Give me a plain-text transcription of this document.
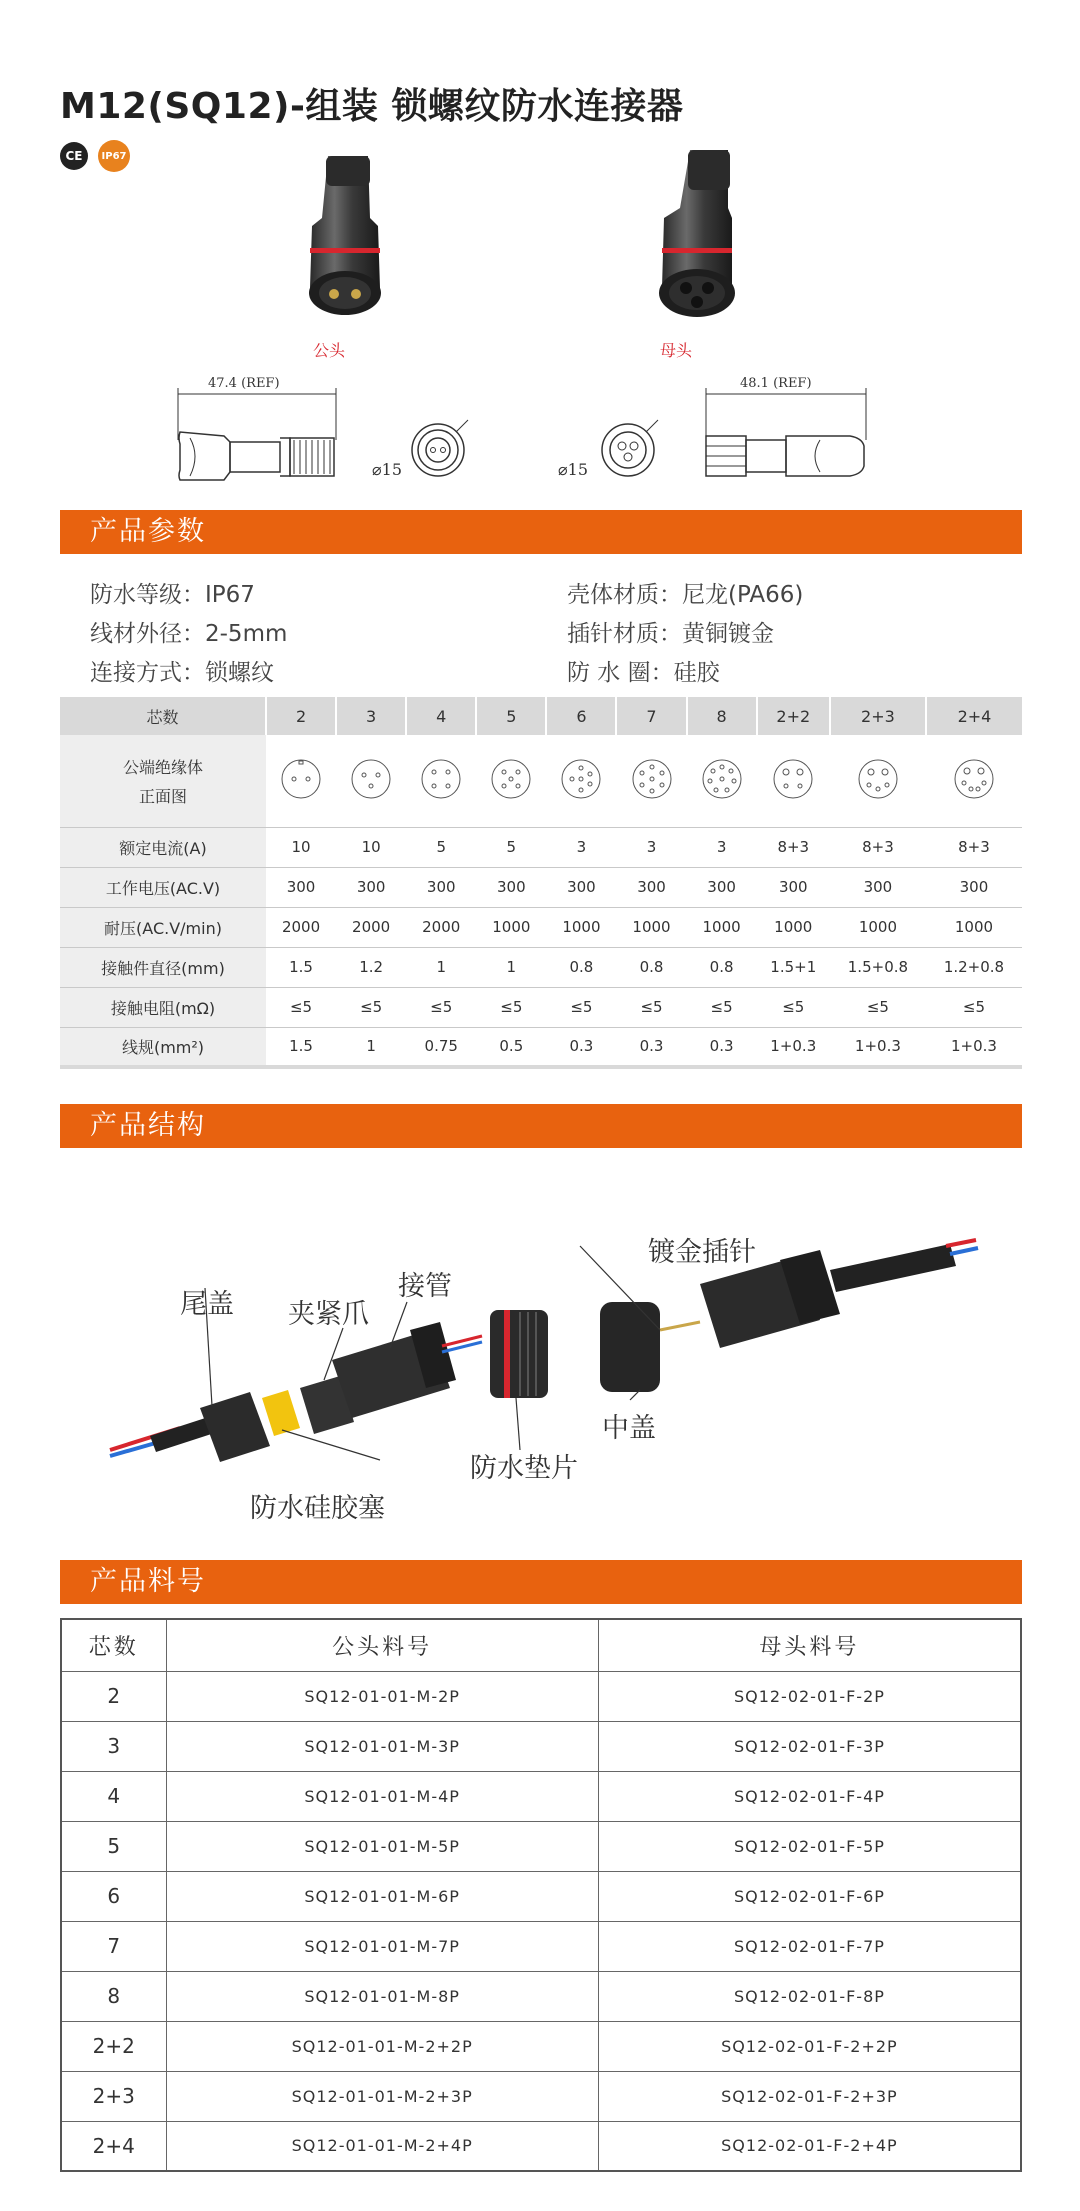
M12(SQ12)-组装 锁螺纹防水连接器
CE	IP67
公头	母头
47.4 (REF)
⌀15	⌀15
48.1 (REF)
产品参数
防水等级：IP67	壳体材质：尼龙(PA66)
线材外径：2-5mm	插针材质：黄铜镀金
连接方式：锁螺纹	防 水 圈：硅胶
芯数	2	3	4	5	6	7	8	2+2	2+3	2+4

公端绝缘体
正面图

额定电流(A)	10	10	5	5	3	3	3	8+3	8+3	8+3
工作电压(AC.V)	300	300	300	300	300	300	300	300	300	300
耐压(AC.V/min)	2000	2000	2000	1000	1000	1000	1000	1000	1000	1000
接触件直径(mm)	1.5	1.2	1	1	0.8	0.8	0.8	1.5+1	1.5+0.8	1.2+0.8
接触电阻(mΩ)	≤5	≤5	≤5	≤5	≤5	≤5	≤5	≤5	≤5	≤5
线规(mm²)	1.5	1	0.75	0.5	0.3	0.3	0.3	1+0.3	1+0.3	1+0.3
产品结构
尾盖 夹紧爪
接管
镀金插针
中盖
防水垫片
防水硅胶塞
产品料号
芯数	公头料号	母头料号
2	SQ12-01-01-M-2P	SQ12-02-01-F-2P
3	SQ12-01-01-M-3P	SQ12-02-01-F-3P
4	SQ12-01-01-M-4P	SQ12-02-01-F-4P
5	SQ12-01-01-M-5P	SQ12-02-01-F-5P
6	SQ12-01-01-M-6P	SQ12-02-01-F-6P
7	SQ12-01-01-M-7P	SQ12-02-01-F-7P
8	SQ12-01-01-M-8P	SQ12-02-01-F-8P
2+2	SQ12-01-01-M-2+2P	SQ12-02-01-F-2+2P
2+3	SQ12-01-01-M-2+3P	SQ12-02-01-F-2+3P
2+4	SQ12-01-01-M-2+4P	SQ12-02-01-F-2+4P
